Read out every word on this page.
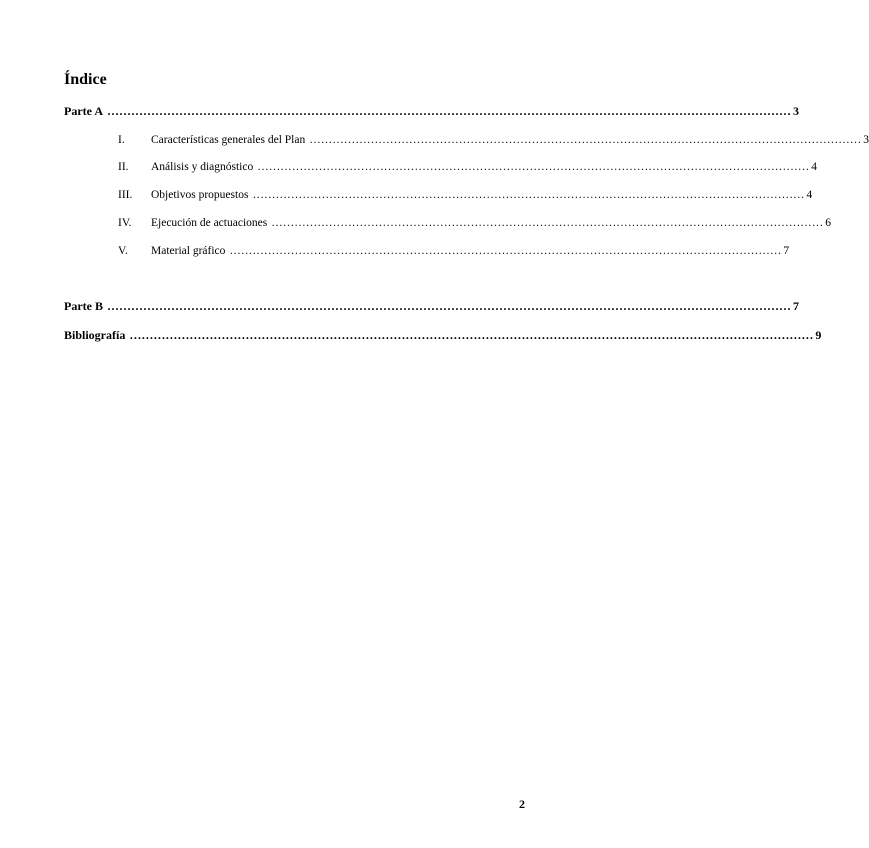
Índice
Parte A ……………………………………………………………………………………………………………………………………………………… 3
I.	Características generales del Plan ……………………………………………………………………………………………………………………………… 3
II.	Análisis y diagnóstico ……………………………………………………………………………………………………………………………… 4
III.	Objetivos propuestos ……………………………………………………………………………………………………………………………… 4
IV.	Ejecución de actuaciones ……………………………………………………………………………………………………………………………… 6
V.	Material gráfico ……………………………………………………………………………………………………………………………… 7
Parte B ……………………………………………………………………………………………………………………………………………………… 7
Bibliografía ……………………………………………………………………………………………………………………………………………………… 9
2
